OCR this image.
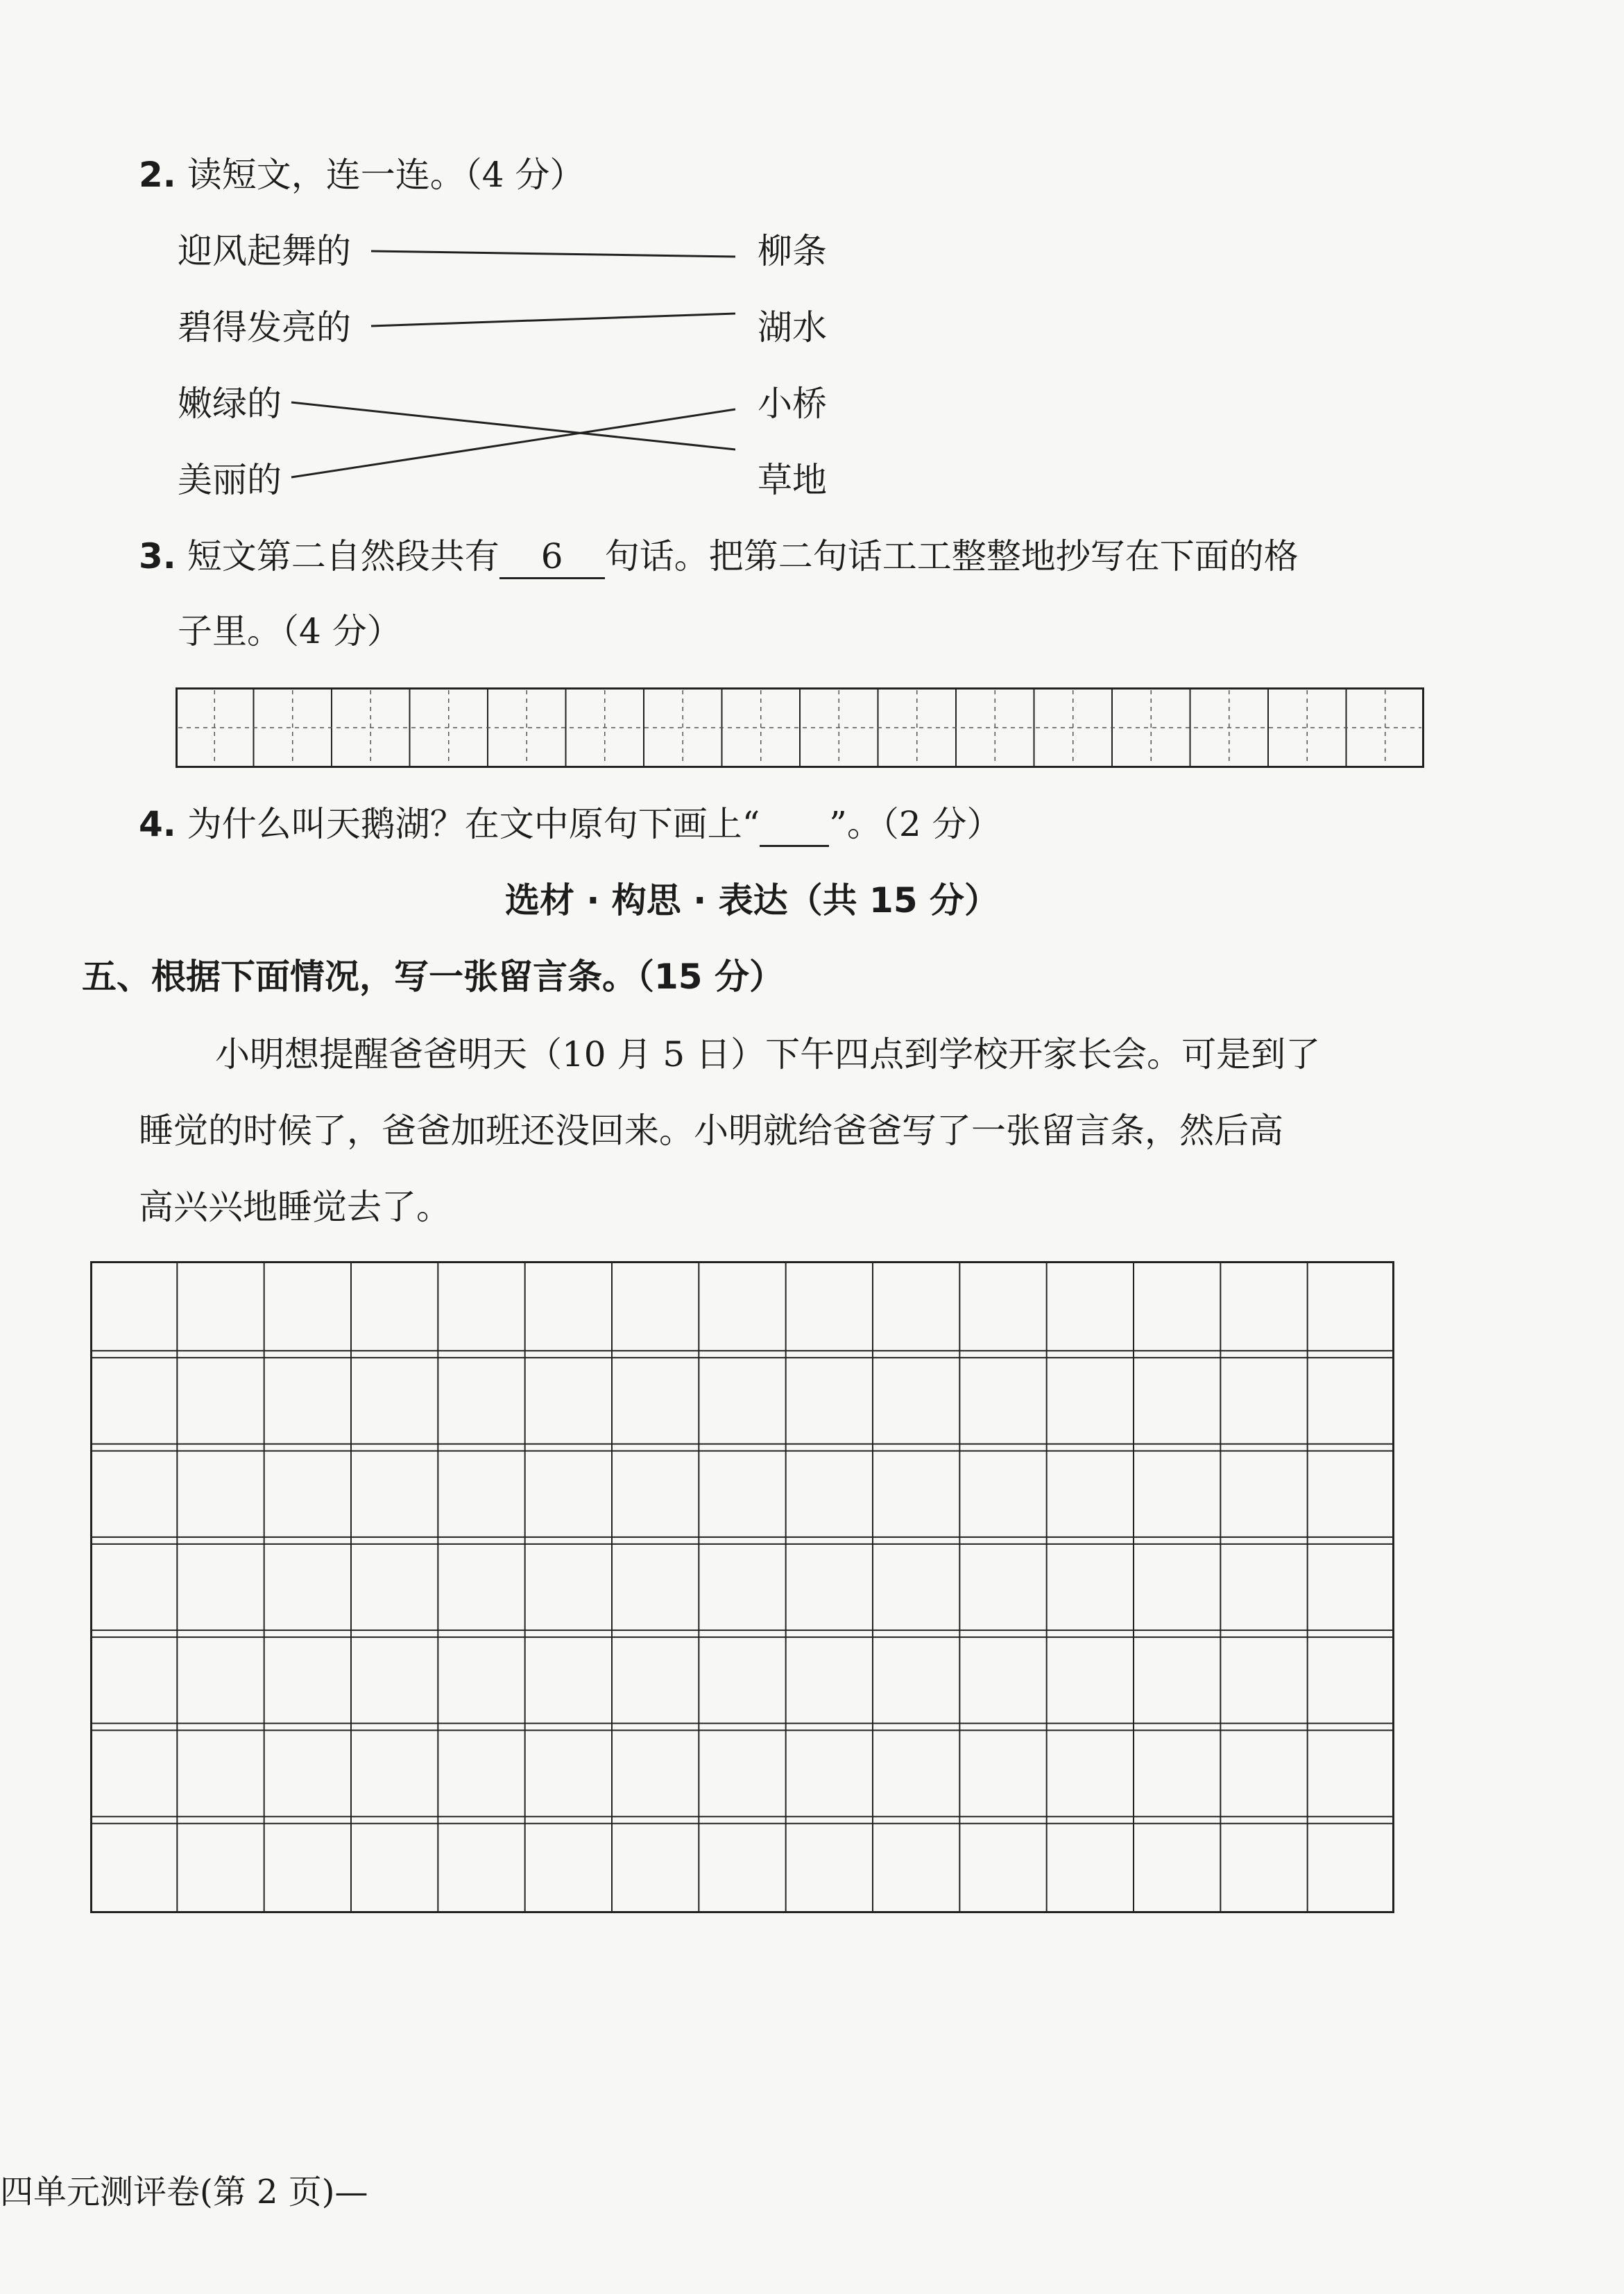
2. 读短文，连一连。（4 分）
迎风起舞的
碧得发亮的
嫩绿的
美丽的
柳条
湖水
小桥
草地
3. 短文第二自然段共有 6 句话。把第二句话工工整整地抄写在下面的格
子里。（4 分）
4. 为什么叫天鹅湖？在文中原句下画上“ ”。（2 分）
选材 · 构思 · 表达（共 15 分）
五、根据下面情况，写一张留言条。（15 分）
小明想提醒爸爸明天（10 月 5 日）下午四点到学校开家长会。可是到了
睡觉的时候了，爸爸加班还没回来。小明就给爸爸写了一张留言条，然后高
高兴兴地睡觉去了。
四单元测评卷(第 2 页)—
